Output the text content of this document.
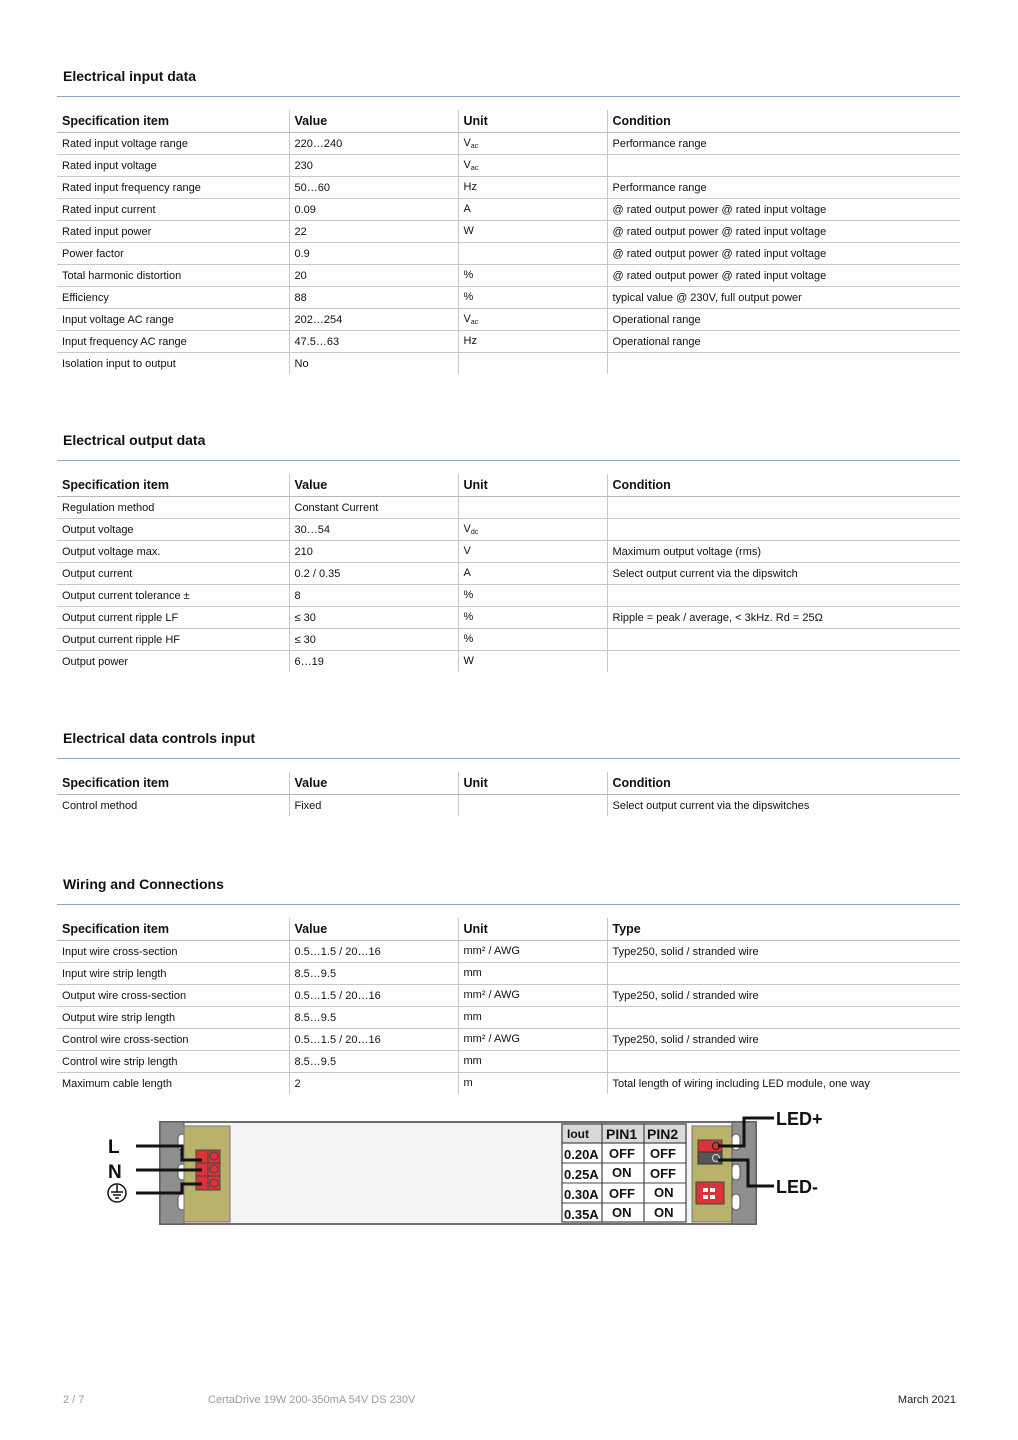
Electrical input data
Specification item	Value	Unit	Condition
Rated input voltage range	220…240	$V_{ac}$	Performance range
Rated input voltage	230	$V_{ac}$	
Rated input frequency range	50…60	Hz	Performance range
Rated input current	0.09	A	@ rated output power @ rated input voltage
Rated input power	22	W	@ rated output power @ rated input voltage
Power factor	0.9		@ rated output power @ rated input voltage
Total harmonic distortion	20	%	@ rated output power @ rated input voltage
Efficiency	88	%	typical value @ 230V, full output power
Input voltage AC range	202…254	$V_{ac}$	Operational range
Input frequency AC range	47.5…63	Hz	Operational range
Isolation input to output	No		
Electrical output data
Specification item	Value	Unit	Condition
Regulation method	Constant Current		
Output voltage	30…54	$V_{dc}$	
Output voltage max.	210	V	Maximum output voltage (rms)
Output current	0.2 / 0.35	A	Select output current via the dipswitch
Output current tolerance ±	8	%	
Output current ripple LF	≤ 30	%	Ripple = peak / average, < 3kHz. Rd = 25Ω
Output current ripple HF	≤ 30	%	
Output power	6…19	W	
Electrical data controls input
Specification item	Value	Unit	Condition
Control method	Fixed		Select output current via the dipswitches
Wiring and Connections
Specification item	Value	Unit	Type
Input wire cross-section	0.5…1.5 / 20…16	mm² / AWG	Type250, solid / stranded wire
Input wire strip length	8.5…9.5	mm	
Output wire cross-section	0.5…1.5 / 20…16	mm² / AWG	Type250, solid / stranded wire
Output wire strip length	8.5…9.5	mm	
Control wire cross-section	0.5…1.5 / 20…16	mm² / AWG	Type250, solid / stranded wire
Control wire strip length	8.5…9.5	mm	
Maximum cable length	2	m	Total length of wiring including LED module, one way
L
N
Iout PIN1 PIN2
0.20A OFF OFF
0.25A ON OFF
0.30A OFF ON
0.35A ON ON
LED+
LED-
2 / 7	CertaDrive 19W 200-350mA 54V DS 230V	March 2021
